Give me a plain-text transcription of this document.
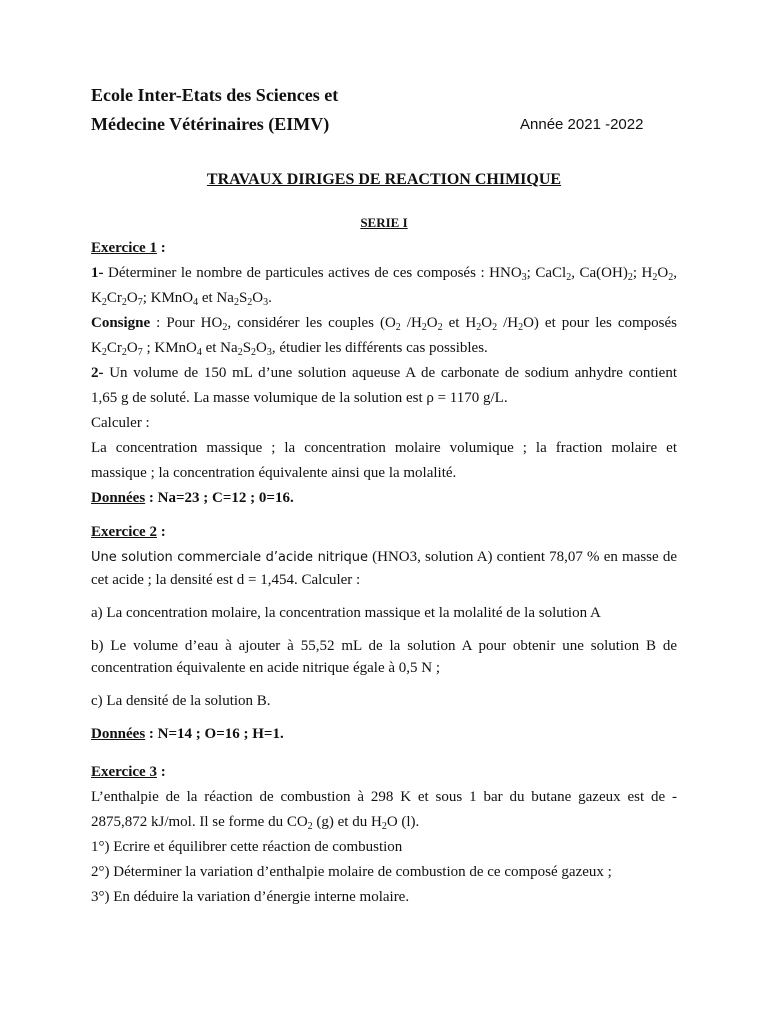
Ecole Inter-Etats des Sciences et
Médecine Vétérinaires (EIMV)	Année 2021 -2022
TRAVAUX DIRIGES DE REACTION CHIMIQUE
SERIE I
Exercice 1 :
1- Déterminer le nombre de particules actives de ces composés : $HNO_3$; CaCl$_2$, $Ca(OH)_2$; $H_2O_2$,
$K_2Cr_2O_7$; KMnO$_4$ et $Na_2S_2O_3$.
Consigne : Pour $HO_2$, considérer les couples ($O_2$ $/H_2O_2$ et $H_2O_2$ $/H_2O$) et pour les composés
$K_2Cr_2O_7$ ; KMnO$_4$ et $Na_2S_2O_3$, étudier les différents cas possibles.
2- Un volume de 150 mL d’une solution aqueuse A de carbonate de sodium anhydre contient
1,65 g de soluté. La masse volumique de la solution est ρ = 1170 g/L.
Calculer :
La concentration massique ; la concentration molaire volumique ; la fraction molaire et
massique ; la concentration équivalente ainsi que la molalité.
Données : Na=23 ; C=12 ; 0=16.
Exercice 2 :
Une solution commerciale d’acide nitrique (HNO3, solution A) contient 78,07 % en masse de
cet acide ; la densité est d = 1,454. Calculer :
a) La concentration molaire, la concentration massique et la molalité de la solution A
b) Le volume d’eau à ajouter à 55,52 mL de la solution A pour obtenir une solution B de
concentration équivalente en acide nitrique égale à 0,5 N ;
c) La densité de la solution B.
Données : N=14 ; O=16 ; H=1.
Exercice 3 :
L’enthalpie de la réaction de combustion à 298 K et sous 1 bar du butane gazeux est de -
2875,872 kJ/mol. Il se forme du $CO_2$ (g) et du $H_2O$ (l).
1°) Ecrire et équilibrer cette réaction de combustion
2°) Déterminer la variation d’enthalpie molaire de combustion de ce composé gazeux ;
3°) En déduire la variation d’énergie interne molaire.
